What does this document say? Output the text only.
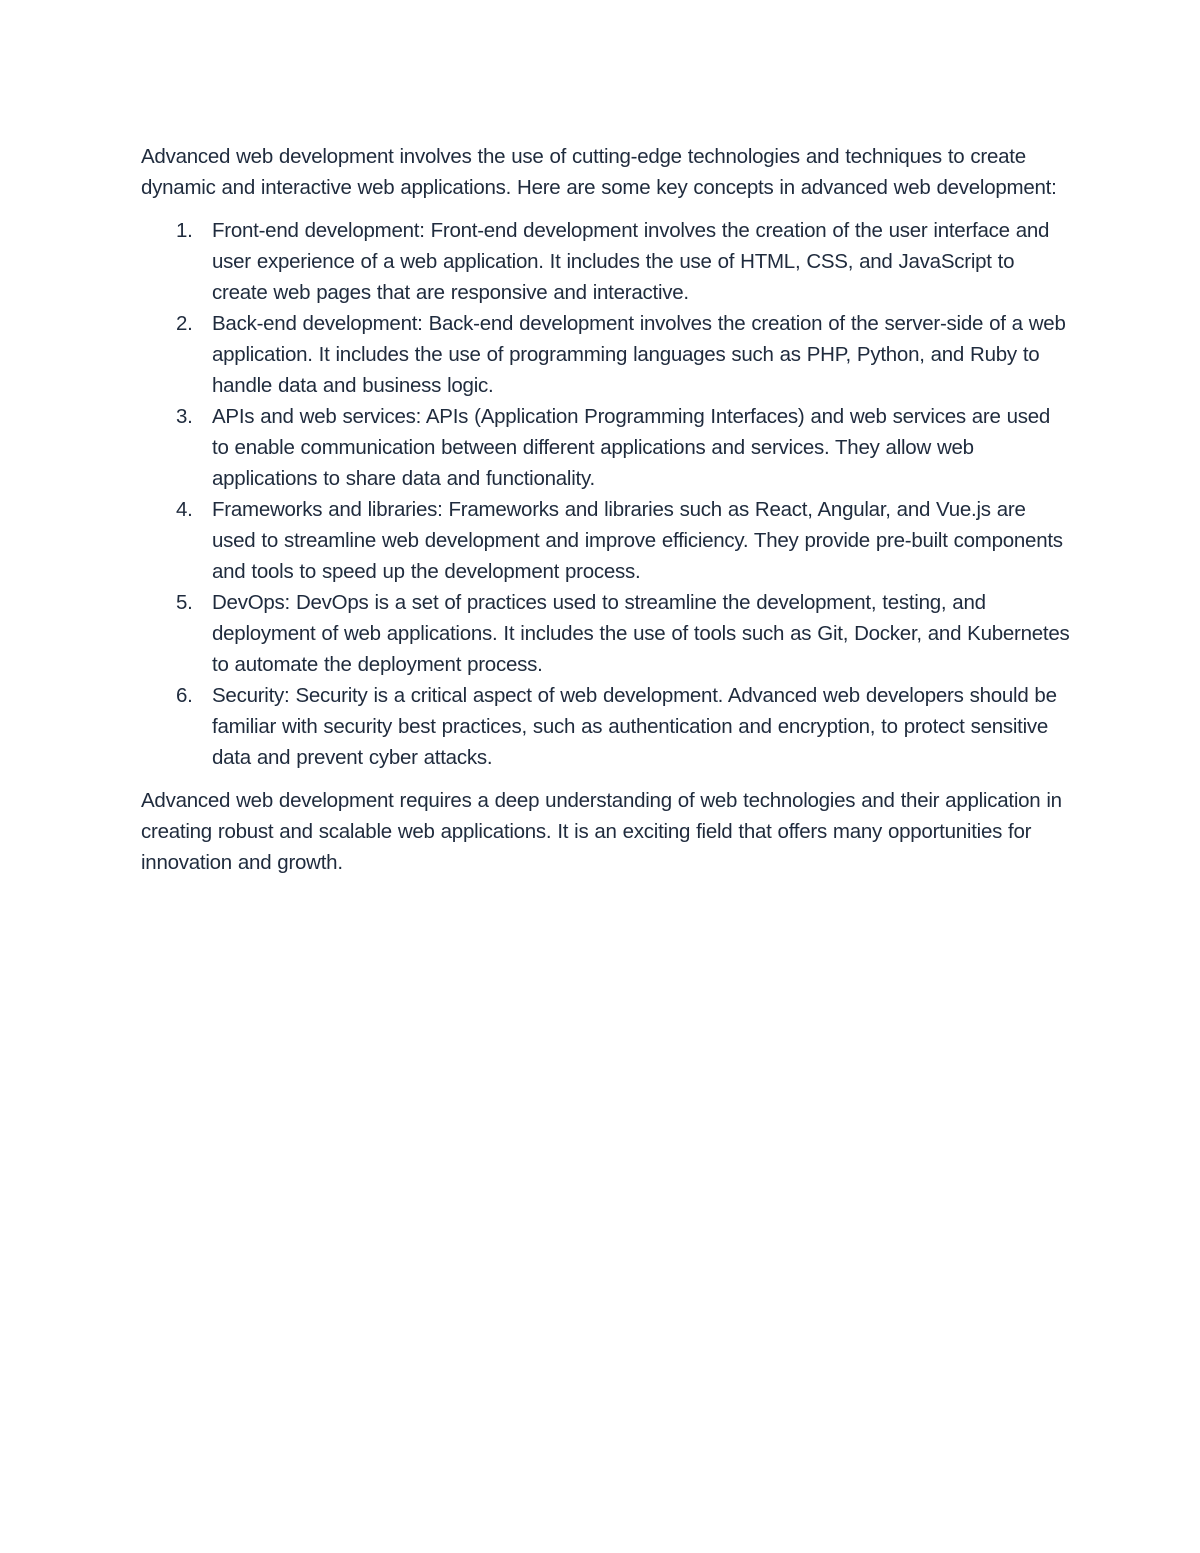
Advanced web development involves the use of cutting-edge technologies and techniques to create dynamic and interactive web applications. Here are some key concepts in advanced web development:

1. Front-end development: Front-end development involves the creation of the user interface and user experience of a web application. It includes the use of HTML, CSS, and JavaScript to create web pages that are responsive and interactive.
2. Back-end development: Back-end development involves the creation of the server-side of a web application. It includes the use of programming languages such as PHP, Python, and Ruby to handle data and business logic.
3. APIs and web services: APIs (Application Programming Interfaces) and web services are used to enable communication between different applications and services. They allow web applications to share data and functionality.
4. Frameworks and libraries: Frameworks and libraries such as React, Angular, and Vue.js are used to streamline web development and improve efficiency. They provide pre-built components and tools to speed up the development process.
5. DevOps: DevOps is a set of practices used to streamline the development, testing, and deployment of web applications. It includes the use of tools such as Git, Docker, and Kubernetes to automate the deployment process.
6. Security: Security is a critical aspect of web development. Advanced web developers should be familiar with security best practices, such as authentication and encryption, to protect sensitive data and prevent cyber attacks.

Advanced web development requires a deep understanding of web technologies and their application in creating robust and scalable web applications. It is an exciting field that offers many opportunities for innovation and growth.
